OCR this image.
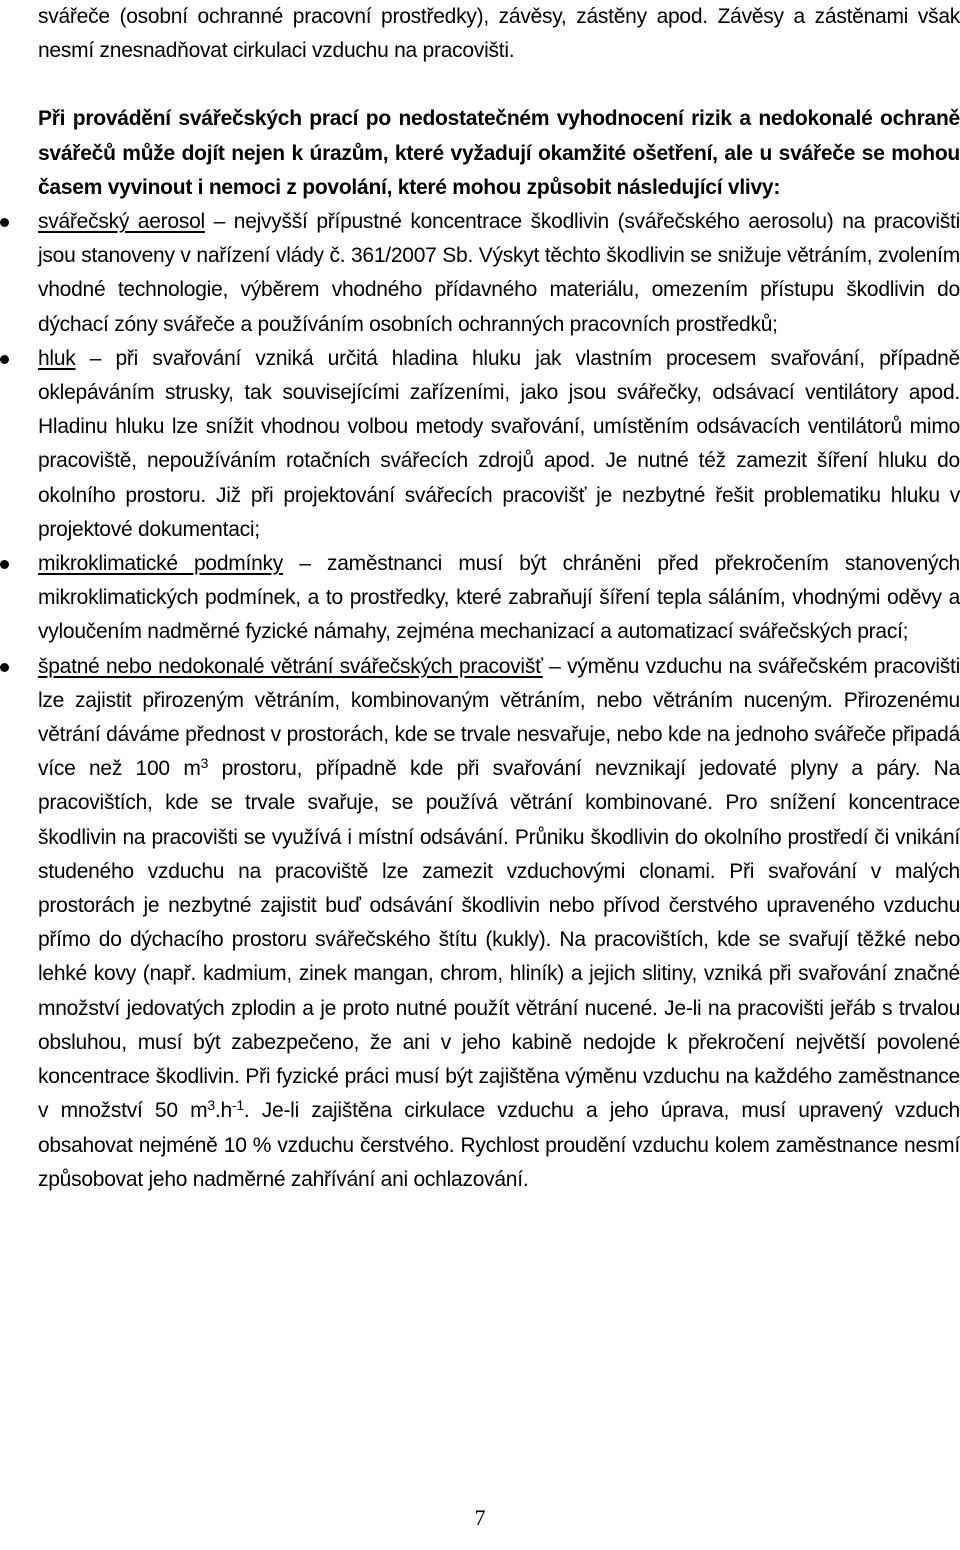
svářeče (osobní ochranné pracovní prostředky), závěsy, zástěny apod. Závěsy a zástěnami však nesmí znesnadňovat cirkulaci vzduchu na pracovišti.

Při provádění svářečských prací po nedostatečném vyhodnocení rizik a nedokonalé ochraně svářečů může dojít nejen k úrazům, které vyžadují okamžité ošetření, ale u svářeče se mohou časem vyvinout i nemoci z povolání, které mohou způsobit následující vlivy:

svářečský aerosol – nejvyšší přípustné koncentrace škodlivin (svářečského aerosolu) na pracovišti jsou stanoveny v nařízení vlády č. 361/2007 Sb. Výskyt těchto škodlivin se snižuje větráním, zvolením vhodné technologie, výběrem vhodného přídavného materiálu, omezením přístupu škodlivin do dýchací zóny svářeče a používáním osobních ochranných pracovních prostředků;
hluk – při svařování vzniká určitá hladina hluku jak vlastním procesem svařování, případně oklepáváním strusky, tak souvisejícími zařízeními, jako jsou svářečky, odsávací ventilátory apod. Hladinu hluku lze snížit vhodnou volbou metody svařování, umístěním odsávacích ventilátorů mimo pracoviště, nepoužíváním rotačních svářecích zdrojů apod. Je nutné též zamezit šíření hluku do okolního prostoru. Již při projektování svářecích pracovišť je nezbytné řešit problematiku hluku v projektové dokumentaci;
mikroklimatické podmínky – zaměstnanci musí být chráněni před překročením stanovených mikroklimatických podmínek, a to prostředky, které zabraňují šíření tepla sáláním, vhodnými oděvy a vyloučením nadměrné fyzické námahy, zejména mechanizací a automatizací svářečských prací;
špatné nebo nedokonalé větrání svářečských pracovišť – výměnu vzduchu na svářečském pracovišti lze zajistit přirozeným větráním, kombinovaným větráním, nebo větráním nuceným. Přirozenému větrání dáváme přednost v prostorách, kde se trvale nesvařuje, nebo kde na jednoho svářeče připadá více než 100 $m^3$ prostoru, případně kde při svařování nevznikají jedovaté plyny a páry. Na pracovištích, kde se trvale svařuje, se používá větrání kombinované. Pro snížení koncentrace škodlivin na pracovišti se využívá i místní odsávání. Průniku škodlivin do okolního prostředí či vnikání studeného vzduchu na pracoviště lze zamezit vzduchovými clonami. Při svařování v malých prostorách je nezbytné zajistit buď odsávání škodlivin nebo přívod čerstvého upraveného vzduchu přímo do dýchacího prostoru svářečského štítu (kukly). Na pracovištích, kde se svařují těžké nebo lehké kovy (např. kadmium, zinek mangan, chrom, hliník) a jejich slitiny, vzniká při svařování značné množství jedovatých zplodin a je proto nutné použít větrání nucené. Je-li na pracovišti jeřáb s trvalou obsluhou, musí být zabezpečeno, že ani v jeho kabině nedojde k překročení největší povolené koncentrace škodlivin. Při fyzické práci musí být zajištěna výměnu vzduchu na každého zaměstnance v množství 50 $m^3.h^{-1}$. Je-li zajištěna cirkulace vzduchu a jeho úprava, musí upravený vzduch obsahovat nejméně 10 % vzduchu čerstvého. Rychlost proudění vzduchu kolem zaměstnance nesmí způsobovat jeho nadměrné zahřívání ani ochlazování.
7
